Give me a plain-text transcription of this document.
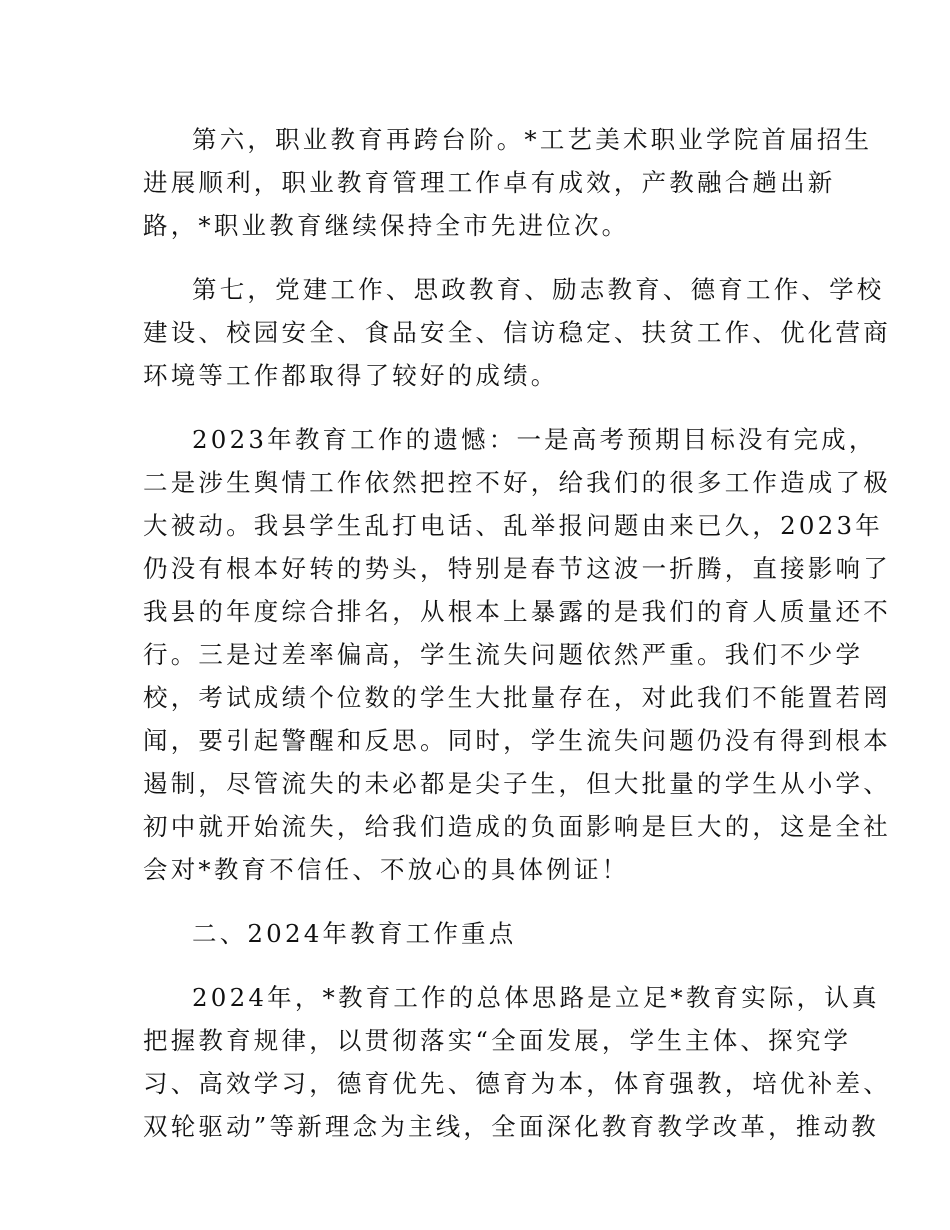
第六，职业教育再跨台阶。*工艺美术职业学院首届招生
进展顺利，职业教育管理工作卓有成效，产教融合趟出新
路，*职业教育继续保持全市先进位次。
第七，党建工作、思政教育、励志教育、德育工作、学校
建设、校园安全、食品安全、信访稳定、扶贫工作、优化营商
环境等工作都取得了较好的成绩。
2023年教育工作的遗憾：一是高考预期目标没有完成，
二是涉生舆情工作依然把控不好，给我们的很多工作造成了极
大被动。我县学生乱打电话、乱举报问题由来已久，2023年
仍没有根本好转的势头，特别是春节这波一折腾，直接影响了
我县的年度综合排名，从根本上暴露的是我们的育人质量还不
行。三是过差率偏高，学生流失问题依然严重。我们不少学
校，考试成绩个位数的学生大批量存在，对此我们不能置若罔
闻，要引起警醒和反思。同时，学生流失问题仍没有得到根本
遏制，尽管流失的未必都是尖子生，但大批量的学生从小学、
初中就开始流失，给我们造成的负面影响是巨大的，这是全社
会对*教育不信任、不放心的具体例证！
二、2024年教育工作重点
2024年，*教育工作的总体思路是立足*教育实际，认真
把握教育规律，以贯彻落实“全面发展，学生主体、探究学
习、高效学习，德育优先、德育为本，体育强教，培优补差、
双轮驱动”等新理念为主线，全面深化教育教学改革，推动教
